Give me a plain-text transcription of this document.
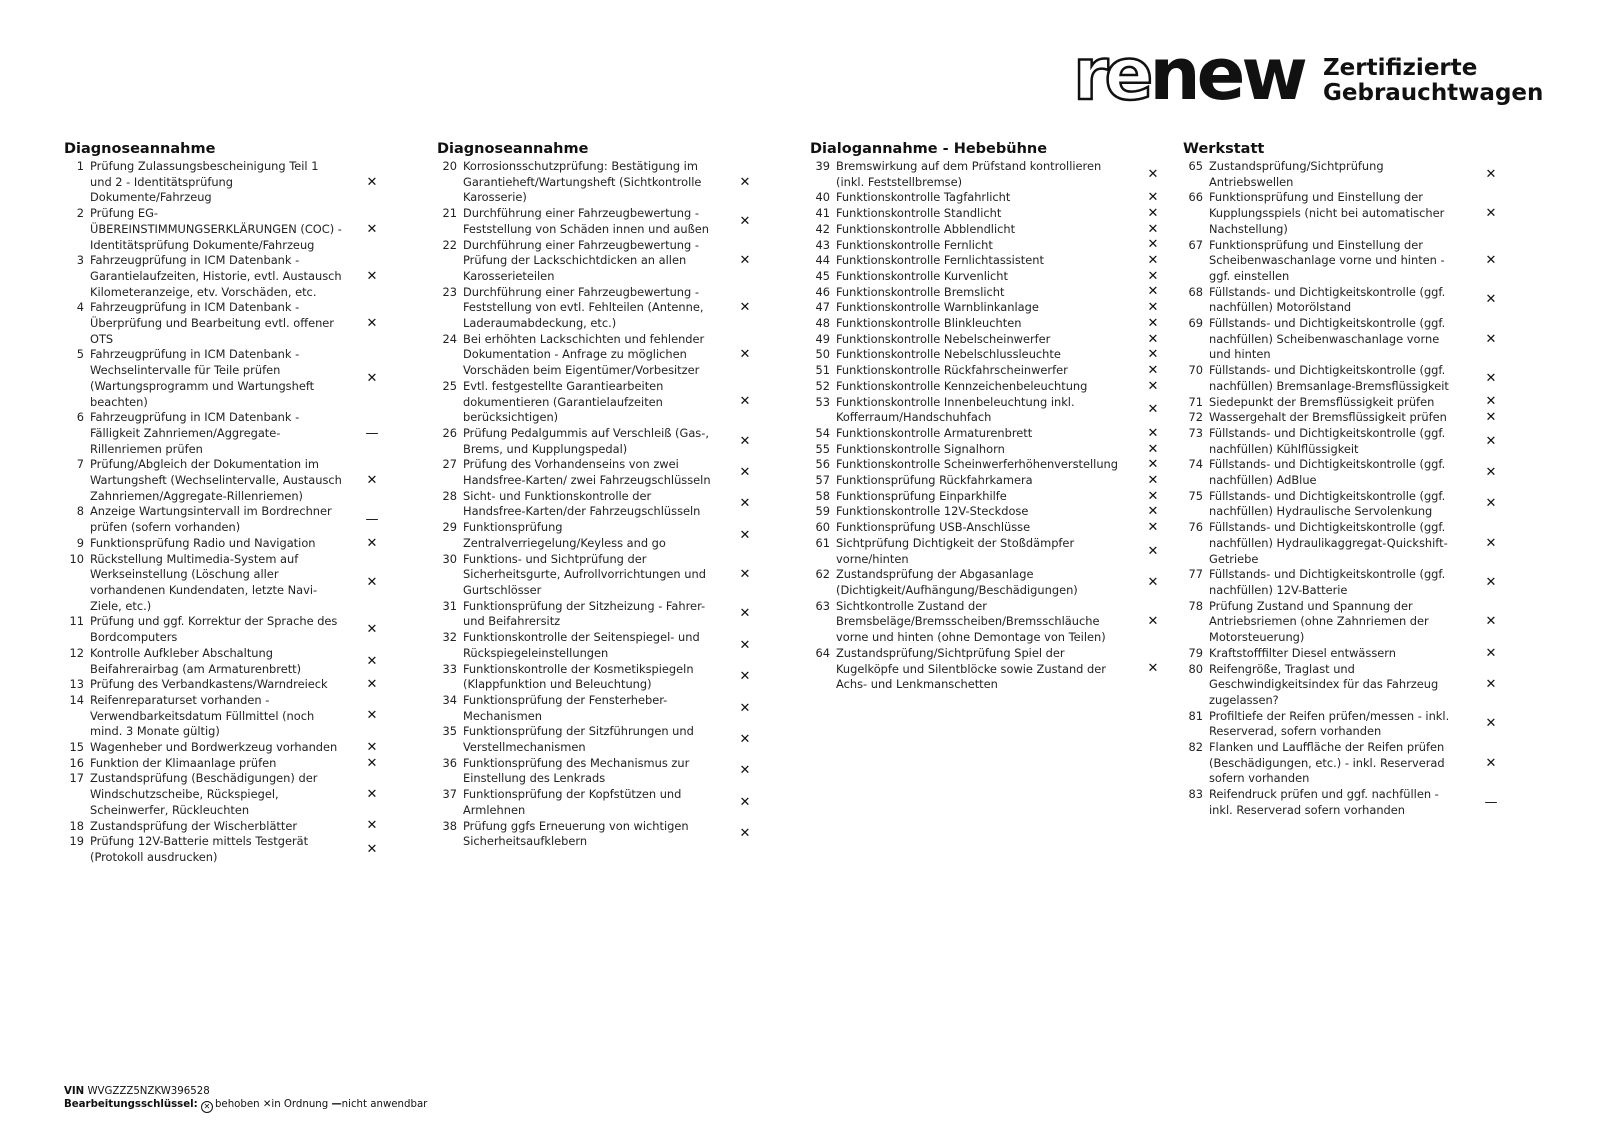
renew Zertifizierte
Gebrauchtwagen
Diagnoseannahme
1 Prüfung Zulassungsbescheinigung Teil 1 und 2 - Identitätsprüfung Dokumente/Fahrzeug
✕
2 Prüfung EG-ÜBEREINSTIMMUNGSERKLÄRUNGEN (COC) - Identitätsprüfung Dokumente/Fahrzeug
✕
3 Fahrzeugprüfung in ICM Datenbank - Garantielaufzeiten, Historie, evtl. Austausch Kilometeranzeige, etv. Vorschäden, etc.
✕
4 Fahrzeugprüfung in ICM Datenbank - Überprüfung und Bearbeitung evtl. offener OTS
✕
5 Fahrzeugprüfung in ICM Datenbank - Wechselintervalle für Teile prüfen (Wartungsprogramm und Wartungsheft beachten)
✕
6 Fahrzeugprüfung in ICM Datenbank - Fälligkeit Zahnriemen/Aggregate-Rillenriemen prüfen
—
7 Prüfung/Abgleich der Dokumentation im Wartungsheft (Wechselintervalle, Austausch Zahnriemen/Aggregate-Rillenriemen)
✕
8 Anzeige Wartungsintervall im Bordrechner prüfen (sofern vorhanden)	—
9 Funktionsprüfung Radio und Navigation	✕
10 Rückstellung Multimedia-System auf Werkseinstellung (Löschung aller vorhandenen Kundendaten, letzte Navi-Ziele, etc.)
✕
11 Prüfung und ggf. Korrektur der Sprache des Bordcomputers	✕
12 Kontrolle Aufkleber Abschaltung Beifahrerairbag (am Armaturenbrett)	✕
13 Prüfung des Verbandkastens/Warndreieck	✕
14 Reifenreparaturset vorhanden - Verwendbarkeitsdatum Füllmittel (noch mind. 3 Monate gültig)
✕
15 Wagenheber und Bordwerkzeug vorhanden	✕
16 Funktion der Klimaanlage prüfen	✕
17 Zustandsprüfung (Beschädigungen) der Windschutzscheibe, Rückspiegel, Scheinwerfer, Rückleuchten
✕
18 Zustandsprüfung der Wischerblätter	✕
19 Prüfung 12V-Batterie mittels Testgerät (Protokoll ausdrucken)	✕
Diagnoseannahme
20 Korrosionsschutzprüfung: Bestätigung im Garantieheft/Wartungsheft (Sichtkontrolle Karosserie)
✕
21 Durchführung einer Fahrzeugbewertung - Feststellung von Schäden innen und außen	✕
22 Durchführung einer Fahrzeugbewertung - Prüfung der Lackschichtdicken an allen Karosserieteilen
✕
23 Durchführung einer Fahrzeugbewertung - Feststellung von evtl. Fehlteilen (Antenne, Laderaumabdeckung, etc.)
✕
24 Bei erhöhten Lackschichten und fehlender Dokumentation - Anfrage zu möglichen Vorschäden beim Eigentümer/Vorbesitzer
✕
25 Evtl. festgestellte Garantiearbeiten dokumentieren (Garantielaufzeiten berücksichtigen)
✕
26 Prüfung Pedalgummis auf Verschleiß (Gas-, Brems, und Kupplungspedal)	✕
27 Prüfung des Vorhandenseins von zwei Handsfree-Karten/ zwei Fahrzeugschlüsseln	✕
28 Sicht- und Funktionskontrolle der Handsfree-Karten/der Fahrzeugschlüsseln	✕
29 Funktionsprüfung Zentralverriegelung/Keyless and go	✕
30 Funktions- und Sichtprüfung der Sicherheitsgurte, Aufrollvorrichtungen und Gurtschlösser
✕
31 Funktionsprüfung der Sitzheizung - Fahrer- und Beifahrersitz	✕
32 Funktionskontrolle der Seitenspiegel- und Rückspiegeleinstellungen	✕
33 Funktionskontrolle der Kosmetikspiegeln (Klappfunktion und Beleuchtung)	✕
34 Funktionsprüfung der Fensterheber-Mechanismen	✕
35 Funktionsprüfung der Sitzführungen und Verstellmechanismen	✕
36 Funktionsprüfung des Mechanismus zur Einstellung des Lenkrads	✕
37 Funktionsprüfung der Kopfstützen und Armlehnen	✕
38 Prüfung ggfs Erneuerung von wichtigen Sicherheitsaufklebern	✕
Dialogannahme - Hebebühne
39 Bremswirkung auf dem Prüfstand kontrollieren (inkl. Feststellbremse)	✕
40 Funktionskontrolle Tagfahrlicht	✕
41 Funktionskontrolle Standlicht	✕
42 Funktionskontrolle Abblendlicht	✕
43 Funktionskontrolle Fernlicht	✕
44 Funktionskontrolle Fernlichtassistent	✕
45 Funktionskontrolle Kurvenlicht	✕
46 Funktionskontrolle Bremslicht	✕
47 Funktionskontrolle Warnblinkanlage	✕
48 Funktionskontrolle Blinkleuchten	✕
49 Funktionskontrolle Nebelscheinwerfer	✕
50 Funktionskontrolle Nebelschlussleuchte	✕
51 Funktionskontrolle Rückfahrscheinwerfer	✕
52 Funktionskontrolle Kennzeichenbeleuchtung	✕
53 Funktionskontrolle Innenbeleuchtung inkl. Kofferraum/Handschuhfach	✕
54 Funktionskontrolle Armaturenbrett	✕
55 Funktionskontrolle Signalhorn	✕
56 Funktionskontrolle Scheinwerferhöhenverstellung	✕
57 Funktionsprüfung Rückfahrkamera	✕
58 Funktionsprüfung Einparkhilfe	✕
59 Funktionskontrolle 12V-Steckdose	✕
60 Funktionsprüfung USB-Anschlüsse	✕
61 Sichtprüfung Dichtigkeit der Stoßdämpfer vorne/hinten	✕
62 Zustandsprüfung der Abgasanlage (Dichtigkeit/Aufhängung/Beschädigungen)	✕
63 Sichtkontrolle Zustand der Bremsbeläge/Bremsscheiben/Bremsschläuche vorne und hinten (ohne Demontage von Teilen)
✕
64 Zustandsprüfung/Sichtprüfung Spiel der Kugelköpfe und Silentblöcke sowie Zustand der Achs- und Lenkmanschetten
✕
Werkstatt
65 Zustandsprüfung/Sichtprüfung Antriebswellen	✕
66 Funktionsprüfung und Einstellung der Kupplungsspiels (nicht bei automatischer Nachstellung)
✕
67 Funktionsprüfung und Einstellung der Scheibenwaschanlage vorne und hinten - ggf. einstellen
✕
68 Füllstands- und Dichtigkeitskontrolle (ggf. nachfüllen) Motorölstand	✕
69 Füllstands- und Dichtigkeitskontrolle (ggf. nachfüllen) Scheibenwaschanlage vorne und hinten
✕
70 Füllstands- und Dichtigkeitskontrolle (ggf. nachfüllen) Bremsanlage-Bremsflüssigkeit	✕
71 Siedepunkt der Bremsflüssigkeit prüfen	✕
72 Wassergehalt der Bremsflüssigkeit prüfen	✕
73 Füllstands- und Dichtigkeitskontrolle (ggf. nachfüllen) Kühlflüssigkeit	✕
74 Füllstands- und Dichtigkeitskontrolle (ggf. nachfüllen) AdBlue	✕
75 Füllstands- und Dichtigkeitskontrolle (ggf. nachfüllen) Hydraulische Servolenkung	✕
76 Füllstands- und Dichtigkeitskontrolle (ggf. nachfüllen) Hydraulikaggregat-Quickshift-Getriebe
✕
77 Füllstands- und Dichtigkeitskontrolle (ggf. nachfüllen) 12V-Batterie	✕
78 Prüfung Zustand und Spannung der Antriebsriemen (ohne Zahnriemen der Motorsteuerung)
✕
79 Kraftstofffilter Diesel entwässern	✕
80 Reifengröße, Traglast und Geschwindigkeitsindex für das Fahrzeug zugelassen?
✕
81 Profiltiefe der Reifen prüfen/messen - inkl. Reserverad, sofern vorhanden	✕
82 Flanken und Lauffläche der Reifen prüfen (Beschädigungen, etc.) - inkl. Reserverad sofern vorhanden
✕
83 Reifendruck prüfen und ggf. nachfüllen - inkl. Reserverad sofern vorhanden	—
VIN WVGZZZ5NZKW396528
Bearbeitungsschlüssel: ✕ behoben ✕in Ordnung —nicht anwendbar
